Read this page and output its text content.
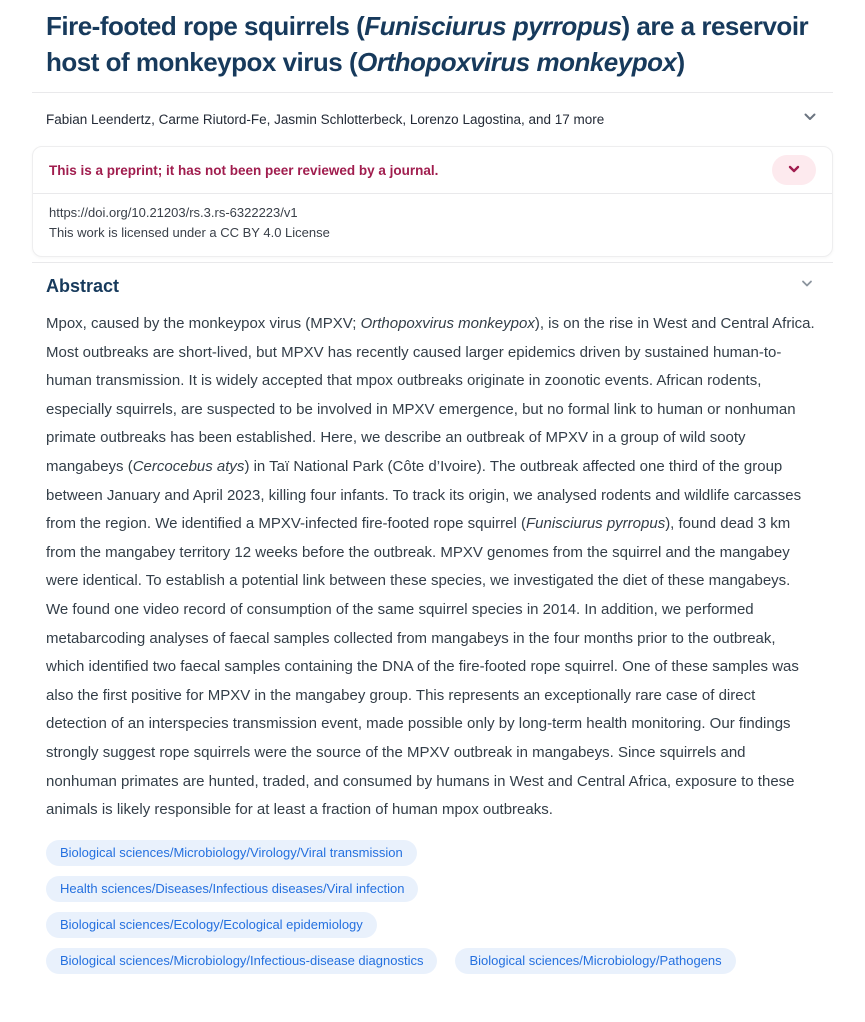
Fire-footed rope squirrels (Funisciurus pyrropus) are a reservoir host of monkeypox virus (Orthopoxvirus monkeypox)
Fabian Leendertz, Carme Riutord-Fe, Jasmin Schlotterbeck, Lorenzo Lagostina, and 17 more
This is a preprint; it has not been peer reviewed by a journal.
https://doi.org/10.21203/rs.3.rs-6322223/v1
This work is licensed under a CC BY 4.0 License
Abstract

Mpox, caused by the monkeypox virus (MPXV; Orthopoxvirus monkeypox), is on the rise in West and Central Africa. Most outbreaks are short-lived, but MPXV has recently caused larger epidemics driven by sustained human-to-human transmission. It is widely accepted that mpox outbreaks originate in zoonotic events. African rodents, especially squirrels, are suspected to be involved in MPXV emergence, but no formal link to human or nonhuman primate outbreaks has been established. Here, we describe an outbreak of MPXV in a group of wild sooty mangabeys (Cercocebus atys) in Taï National Park (Côte d’Ivoire). The outbreak affected one third of the group between January and April 2023, killing four infants. To track its origin, we analysed rodents and wildlife carcasses from the region. We identified a MPXV-infected fire-footed rope squirrel (Funisciurus pyrropus), found dead 3 km from the mangabey territory 12 weeks before the outbreak. MPXV genomes from the squirrel and the mangabey were identical. To establish a potential link between these species, we investigated the diet of these mangabeys. We found one video record of consumption of the same squirrel species in 2014. In addition, we performed metabarcoding analyses of faecal samples collected from mangabeys in the four months prior to the outbreak, which identified two faecal samples containing the DNA of the fire-footed rope squirrel. One of these samples was also the first positive for MPXV in the mangabey group. This represents an exceptionally rare case of direct detection of an interspecies transmission event, made possible only by long-term health monitoring. Our findings strongly suggest rope squirrels were the source of the MPXV outbreak in mangabeys. Since squirrels and nonhuman primates are hunted, traded, and consumed by humans in West and Central Africa, exposure to these animals is likely responsible for at least a fraction of human mpox outbreaks.

Biological sciences/Microbiology/Virology/Viral transmission
Health sciences/Diseases/Infectious diseases/Viral infection
Biological sciences/Ecology/Ecological epidemiology
Biological sciences/Microbiology/Infectious-disease diagnostics	Biological sciences/Microbiology/Pathogens
